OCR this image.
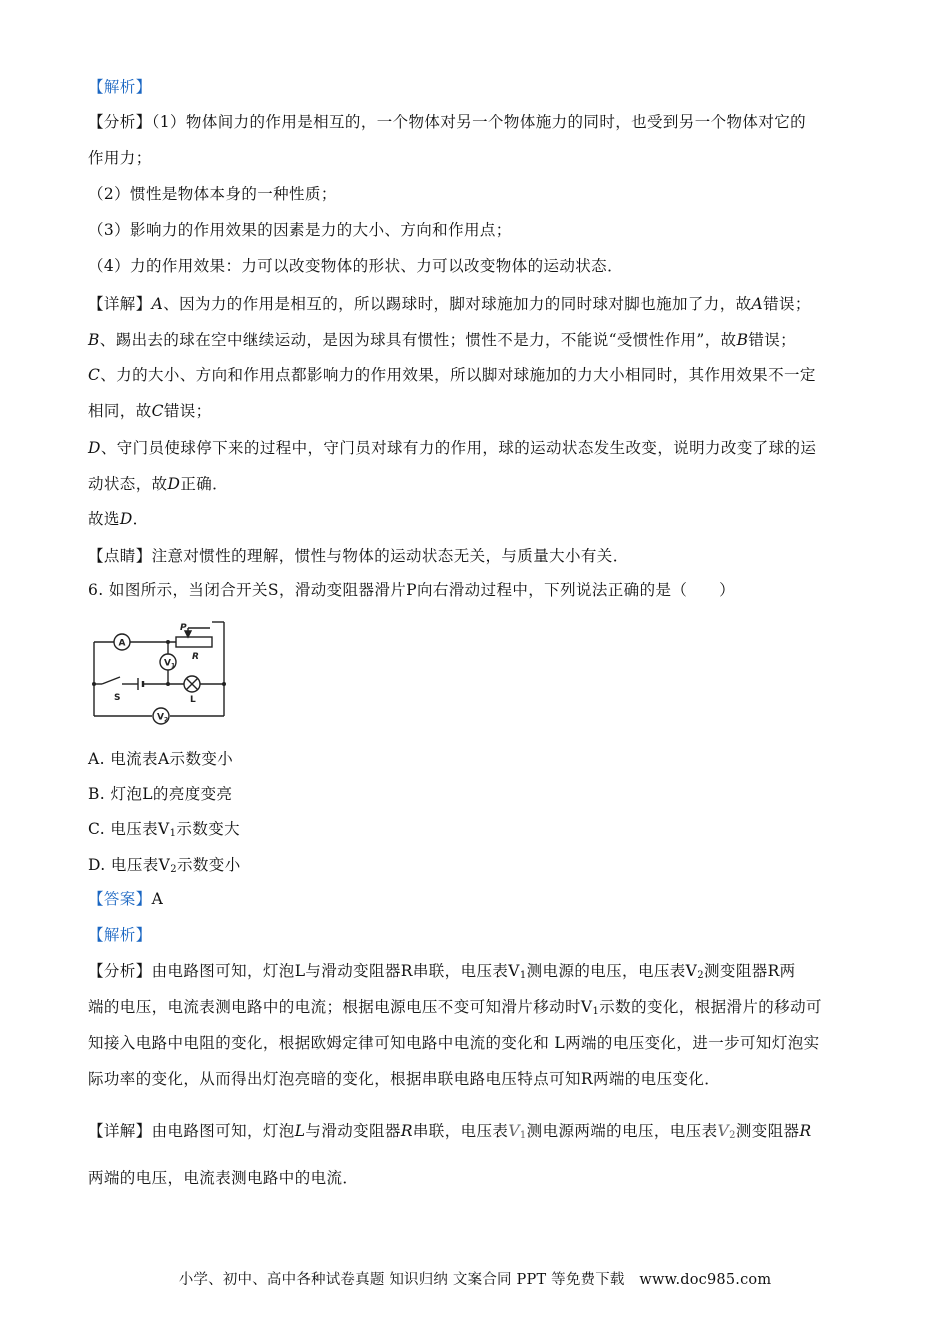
【解析】
【分析】（1）物体间力的作用是相互的，一个物体对另一个物体施力的同时，也受到另一个物体对它的
作用力；
（2）惯性是物体本身的一种性质；
（3）影响力的作用效果的因素是力的大小、方向和作用点；
（4）力的作用效果：力可以改变物体的形状、力可以改变物体的运动状态．
【详解】A、因为力的作用是相互的，所以踢球时，脚对球施加力的同时球对脚也施加了力，故A错误；
B、踢出去的球在空中继续运动，是因为球具有惯性；惯性不是力，不能说“受惯性作用”，故B错误；
C、力的大小、方向和作用点都影响力的作用效果，所以脚对球施加的力大小相同时，其作用效果不一定
相同，故C错误；
D、守门员使球停下来的过程中，守门员对球有力的作用，球的运动状态发生改变，说明力改变了球的运
动状态，故D正确．
故选D．
【点睛】注意对惯性的理解，惯性与物体的运动状态无关，与质量大小有关．
6. 如图所示，当闭合开关S，滑动变阻器滑片P向右滑动过程中，下列说法正确的是（　　）
A
$V_1$
$V_2$
P
R
S	L
A. 电流表A示数变小
B. 灯泡L的亮度变亮
C. 电压表$V_1$示数变大
D. 电压表$V_2$示数变小
【答案】A
【解析】
【分析】由电路图可知，灯泡L与滑动变阻器R串联，电压表$V_1$测电源的电压，电压表$V_2$测变阻器R两
端的电压，电流表测电路中的电流；根据电源电压不变可知滑片移动时$V_1$示数的变化，根据滑片的移动可
知接入电路中电阻的变化，根据欧姆定律可知电路中电流的变化和 L两端的电压变化，进一步可知灯泡实
际功率的变化，从而得出灯泡亮暗的变化，根据串联电路电压特点可知R两端的电压变化．
【详解】由电路图可知，灯泡L与滑动变阻器R串联，电压表$V_1$测电源两端的电压，电压表$V_2$测变阻器R
两端的电压，电流表测电路中的电流．
小学、初中、高中各种试卷真题 知识归纳 文案合同 PPT 等免费下载　www.doc985.com
